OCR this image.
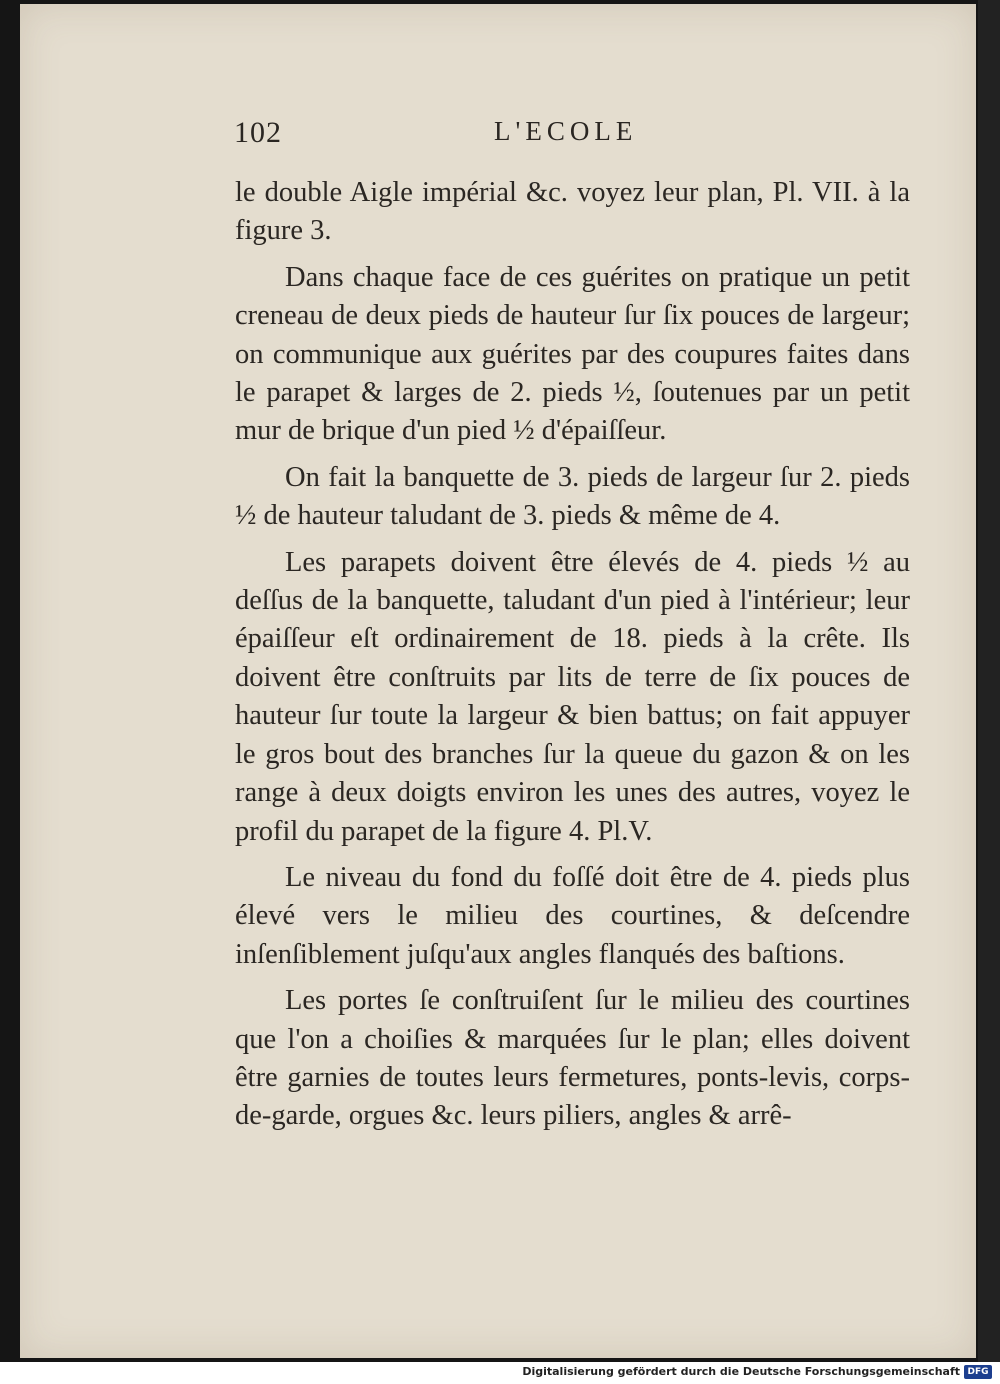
102	L'ECOLE

le double Aigle impérial &c. voyez leur plan, Pl. VII. à la figure 3.

Dans chaque face de ces guérites on pratique un petit creneau de deux pieds de hauteur ſur ſix pouces de largeur; on communique aux guérites par des coupures faites dans le parapet & larges de 2. pieds ½, ſoutenues par un petit mur de brique d'un pied ½ d'épaiſſeur.

On fait la banquette de 3. pieds de largeur ſur 2. pieds ½ de hauteur taludant de 3. pieds & même de 4.

Les parapets doivent être élevés de 4. pieds ½ au deſſus de la banquette, taludant d'un pied à l'intérieur; leur épaiſſeur eſt ordinairement de 18. pieds à la crête. Ils doivent être conſtruits par lits de terre de ſix pouces de hauteur ſur toute la largeur & bien battus; on fait appuyer le gros bout des branches ſur la queue du gazon & on les range à deux doigts environ les unes des autres, voyez le profil du parapet de la figure 4. Pl.V.

Le niveau du fond du foſſé doit être de 4. pieds plus élevé vers le milieu des courtines, & deſcendre inſenſiblement juſqu'aux angles flanqués des baſtions.

Les portes ſe conſtruiſent ſur le milieu des courtines que l'on a choiſies & marquées ſur le plan; elles doivent être garnies de toutes leurs fermetures, ponts-levis, corps-de-garde, orgues &c. leurs piliers, angles & arrê-

Digitalisierung gefördert durch die Deutsche Forschungsgemeinschaft DFG
